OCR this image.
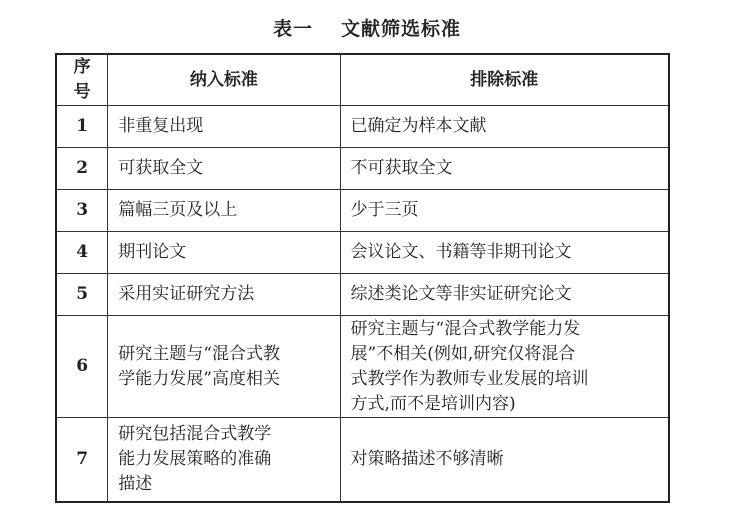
表一 文献筛选标准
序号	纳入标准	排除标准
1	非重复出现	已确定为样本文献

2	可获取全文	不可获取全文

3	篇幅三页及以上	少于三页

4	期刊论文	会议论文、书籍等非期刊论文

5	采用实证研究方法	综述类论文等非实证研究论文

6	研究主题与“混合式教
学能力发展”高度相关	研究主题与“混合式教学能力发
展”不相关(例如,研究仅将混合
式教学作为教师专业发展的培训
方式,而不是培训内容)

7	研究包括混合式教学
能力发展策略的准确
描述	对策略描述不够清晰
